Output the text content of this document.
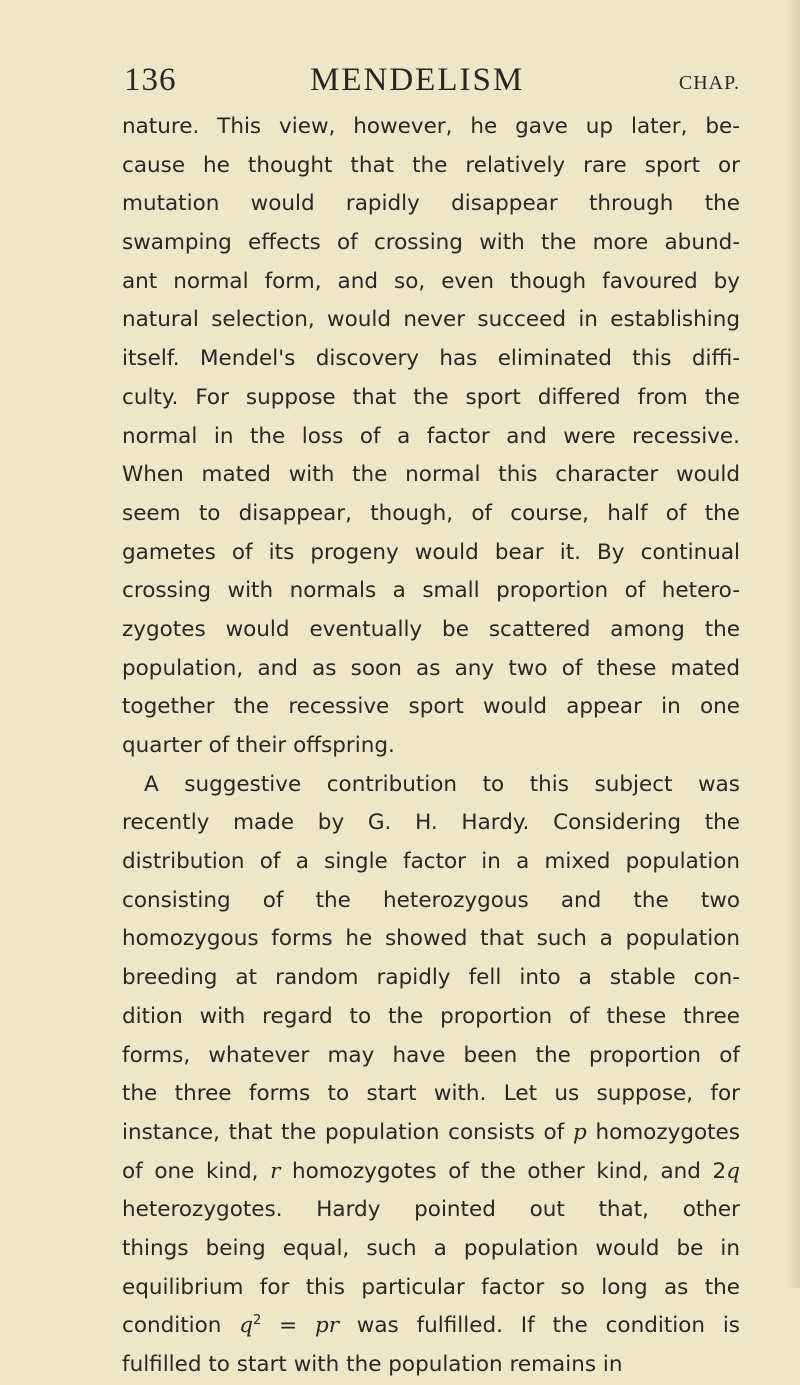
136	MENDELISM	CHAP.
nature. This view, however, he gave up later, be-
cause he thought that the relatively rare sport or
mutation would rapidly disappear through the
swamping effects of crossing with the more abund-
ant normal form, and so, even though favoured by
natural selection, would never succeed in establishing
itself. Mendel's discovery has eliminated this diffi-
culty. For suppose that the sport differed from the
normal in the loss of a factor and were recessive.
When mated with the normal this character would
seem to disappear, though, of course, half of the
gametes of its progeny would bear it. By continual
crossing with normals a small proportion of hetero-
zygotes would eventually be scattered among the
population, and as soon as any two of these mated
together the recessive sport would appear in one
quarter of their offspring.
A suggestive contribution to this subject was
recently made by G. H. Hardy. Considering the
distribution of a single factor in a mixed population
consisting of the heterozygous and the two
homozygous forms he showed that such a population
breeding at random rapidly fell into a stable con-
dition with regard to the proportion of these three
forms, whatever may have been the proportion of
the three forms to start with. Let us suppose, for
instance, that the population consists of p homozygotes
of one kind, r homozygotes of the other kind, and 2q
heterozygotes. Hardy pointed out that, other
things being equal, such a population would be in
equilibrium for this particular factor so long as the
condition $q^2$ = pr was fulfilled. If the condition is
fulfilled to start with the population remains in
